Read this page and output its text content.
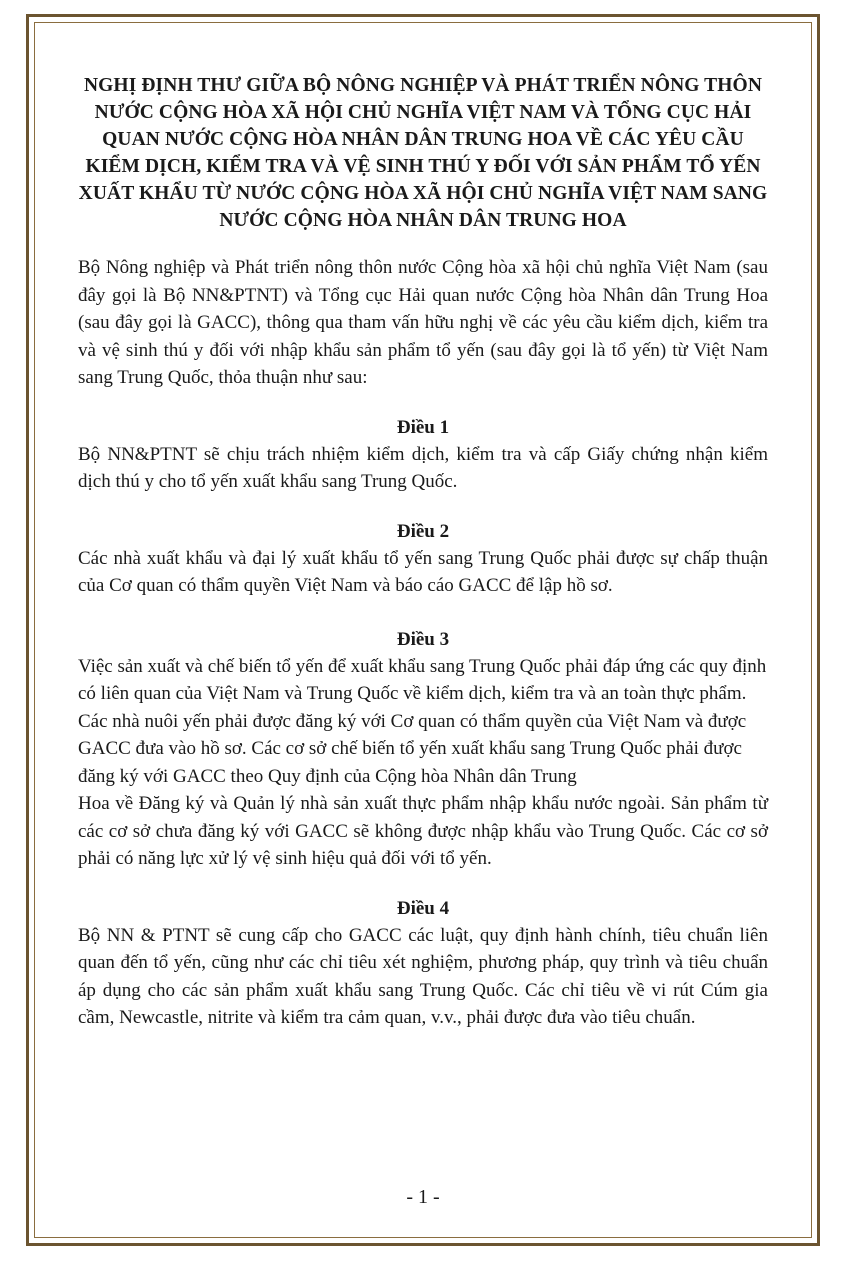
NGHỊ ĐỊNH THƯ GIỮA BỘ NÔNG NGHIỆP VÀ PHÁT TRIỂN NÔNG THÔN NƯỚC CỘNG HÒA XÃ HỘI CHỦ NGHĨA VIỆT NAM VÀ TỔNG CỤC HẢI QUAN NƯỚC CỘNG HÒA NHÂN DÂN TRUNG HOA VỀ CÁC YÊU CẦU KIỂM DỊCH, KIỂM TRA VÀ VỆ SINH THÚ Y ĐỐI VỚI SẢN PHẨM TỔ YẾN XUẤT KHẨU TỪ NƯỚC CỘNG HÒA XÃ HỘI CHỦ NGHĨA VIỆT NAM SANG NƯỚC CỘNG HÒA NHÂN DÂN TRUNG HOA

Bộ Nông nghiệp và Phát triển nông thôn nước Cộng hòa xã hội chủ nghĩa Việt Nam (sau đây gọi là Bộ NN&PTNT) và Tổng cục Hải quan nước Cộng hòa Nhân dân Trung Hoa (sau đây gọi là GACC), thông qua tham vấn hữu nghị về các yêu cầu kiểm dịch, kiểm tra và vệ sinh thú y đối với nhập khẩu sản phẩm tổ yến (sau đây gọi là tổ yến) từ Việt Nam sang Trung Quốc, thỏa thuận như sau:

Điều 1

Bộ NN&PTNT sẽ chịu trách nhiệm kiểm dịch, kiểm tra và cấp Giấy chứng nhận kiểm dịch thú y cho tổ yến xuất khẩu sang Trung Quốc.

Điều 2

Các nhà xuất khẩu và đại lý xuất khẩu tổ yến sang Trung Quốc phải được sự chấp thuận của Cơ quan có thẩm quyền Việt Nam và báo cáo GACC để lập hồ sơ.

Điều 3

Việc sản xuất và chế biến tổ yến để xuất khẩu sang Trung Quốc phải đáp ứng các quy định có liên quan của Việt Nam và Trung Quốc về kiểm dịch, kiểm tra và an toàn thực phẩm. Các nhà nuôi yến phải được đăng ký với Cơ quan có thẩm quyền của Việt Nam và được GACC đưa vào hồ sơ. Các cơ sở chế biến tổ yến xuất khẩu sang Trung Quốc phải được đăng ký với GACC theo Quy định của Cộng hòa Nhân dân Trung

Hoa về Đăng ký và Quản lý nhà sản xuất thực phẩm nhập khẩu nước ngoài. Sản phẩm từ các cơ sở chưa đăng ký với GACC sẽ không được nhập khẩu vào Trung Quốc. Các cơ sở phải có năng lực xử lý vệ sinh hiệu quả đối với tổ yến.

Điều 4

Bộ NN & PTNT sẽ cung cấp cho GACC các luật, quy định hành chính, tiêu chuẩn liên quan đến tổ yến, cũng như các chỉ tiêu xét nghiệm, phương pháp, quy trình và tiêu chuẩn áp dụng cho các sản phẩm xuất khẩu sang Trung Quốc. Các chỉ tiêu về vi rút Cúm gia cầm, Newcastle, nitrite và kiểm tra cảm quan, v.v., phải được đưa vào tiêu chuẩn.

- 1 -
